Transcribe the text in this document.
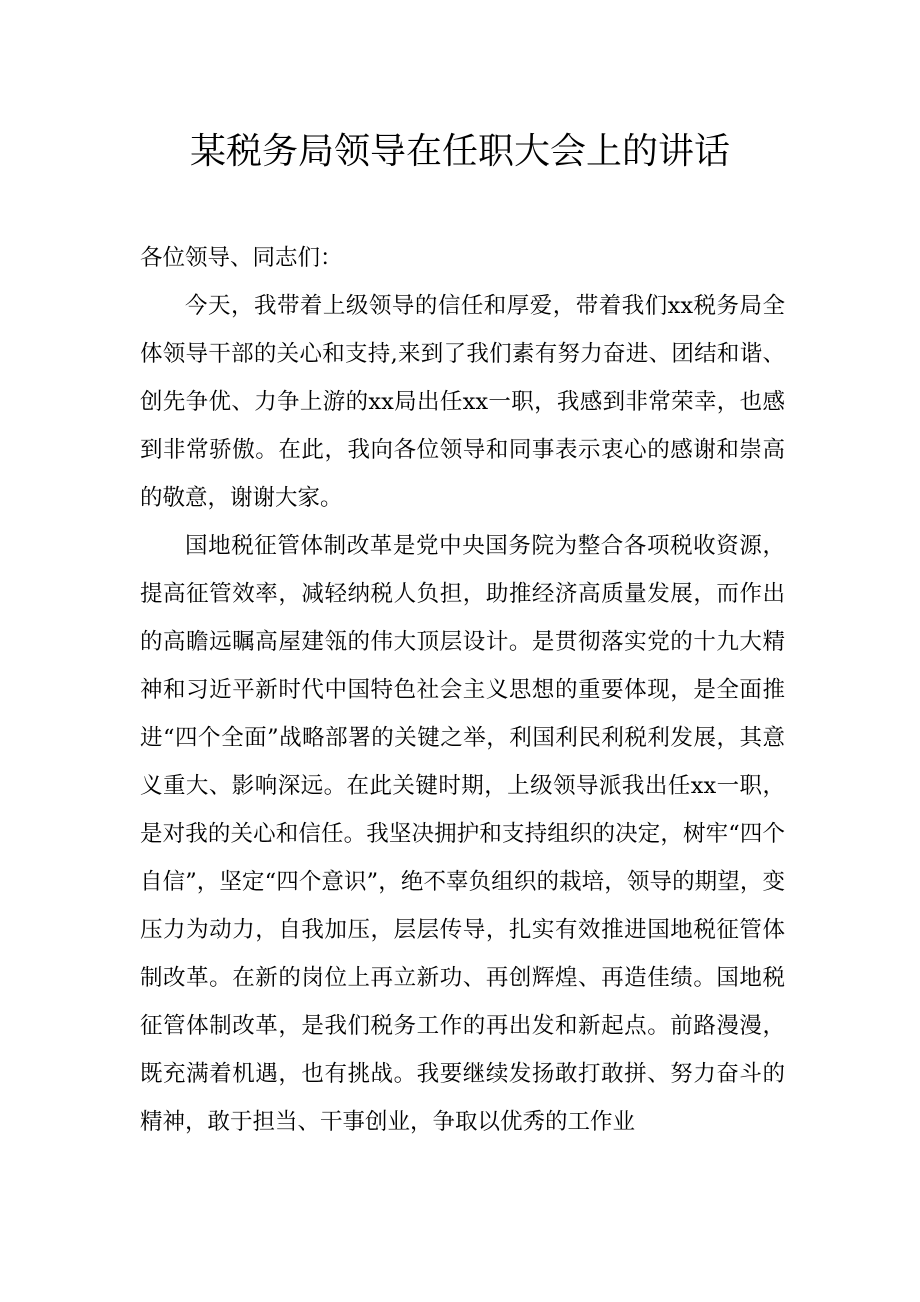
某税务局领导在任职大会上的讲话

各位领导、同志们：

今天，我带着上级领导的信任和厚爱，带着我们xx税务局全体领导干部的关心和支持,来到了我们素有努力奋进、团结和谐、创先争优、力争上游的xx局出任xx一职，我感到非常荣幸，也感到非常骄傲。在此，我向各位领导和同事表示衷心的感谢和崇高的敬意，谢谢大家。

国地税征管体制改革是党中央国务院为整合各项税收资源，提高征管效率，减轻纳税人负担，助推经济高质量发展，而作出的高瞻远瞩高屋建瓴的伟大顶层设计。是贯彻落实党的十九大精神和习近平新时代中国特色社会主义思想的重要体现，是全面推进“四个全面”战略部署的关键之举，利国利民利税利发展，其意义重大、影响深远。在此关键时期，上级领导派我出任xx一职，是对我的关心和信任。我坚决拥护和支持组织的决定，树牢“四个自信”，坚定“四个意识”，绝不辜负组织的栽培，领导的期望，变压力为动力，自我加压，层层传导，扎实有效推进国地税征管体制改革。在新的岗位上再立新功、再创辉煌、再造佳绩。国地税征管体制改革，是我们税务工作的再出发和新起点。前路漫漫，既充满着机遇，也有挑战。我要继续发扬敢打敢拼、努力奋斗的精神，敢于担当、干事创业，争取以优秀的工作业
